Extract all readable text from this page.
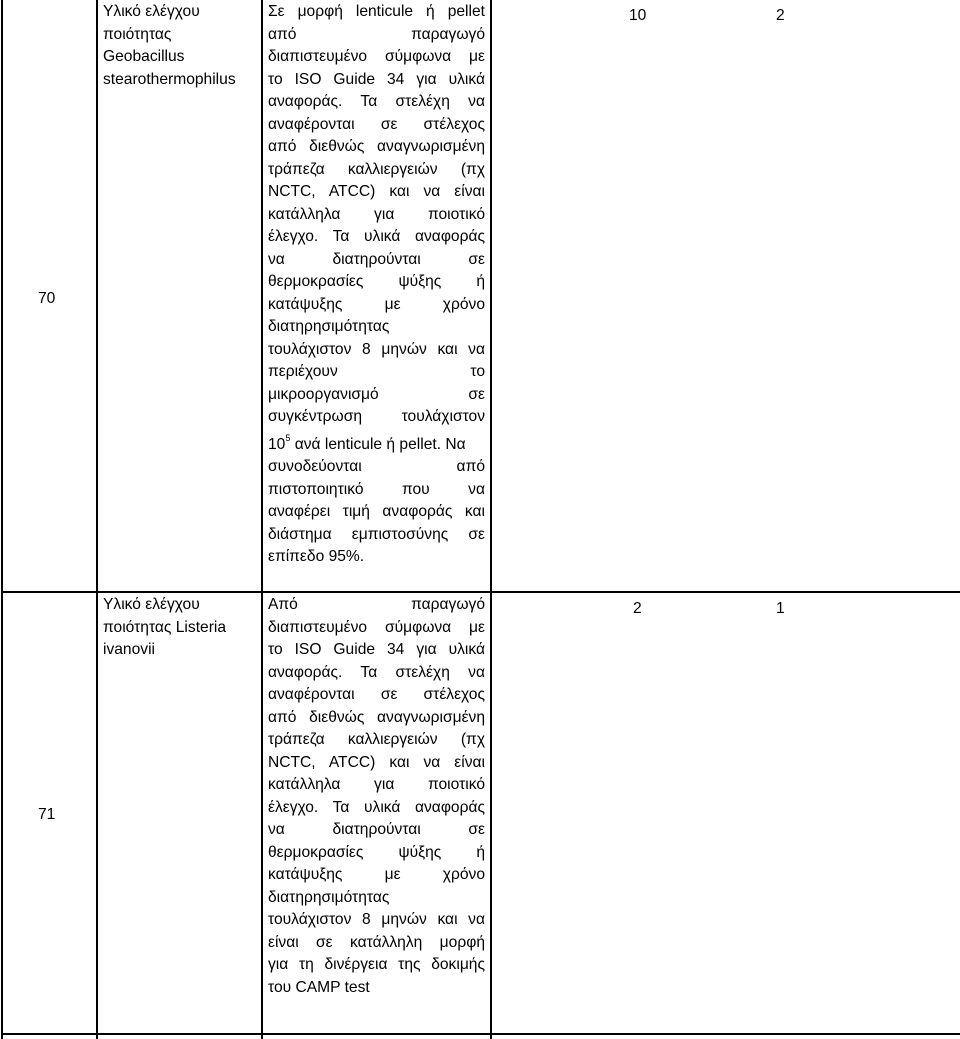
70
Υλικό ελέγχου
ποιότητας
Geobacillus
stearothermophilus
Σε μορφή lenticule ή pellet
από παραγωγό
διαπιστευμένο σύμφωνα με
το ISO Guide 34 για υλικά
αναφοράς. Τα στελέχη να
αναφέρονται σε στέλεχος
από διεθνώς αναγνωρισμένη
τράπεζα καλλιεργειών (πχ
NCTC, ATCC) και να είναι
κατάλληλα για ποιοτικό
έλεγχο. Τα υλικά αναφοράς
να διατηρούνται σε
θερμοκρασίες ψύξης ή
κατάψυξης με χρόνο
διατηρησιμότητας
τουλάχιστον 8 μηνών και να
περιέχουν το
μικροοργανισμό σε
συγκέντρωση τουλάχιστον
$10^5$ ανά lenticule ή pellet. Να
συνοδεύονται από
πιστοποιητικό που να
αναφέρει τιμή αναφοράς και
διάστημα εμπιστοσύνης σε
επίπεδο 95%.
10	2
71
Υλικό ελέγχου
ποιότητας Listeria
ivanovii
Από παραγωγό
διαπιστευμένο σύμφωνα με
το ISO Guide 34 για υλικά
αναφοράς. Τα στελέχη να
αναφέρονται σε στέλεχος
από διεθνώς αναγνωρισμένη
τράπεζα καλλιεργειών (πχ
NCTC, ATCC) και να είναι
κατάλληλα για ποιοτικό
έλεγχο. Τα υλικά αναφοράς
να διατηρούνται σε
θερμοκρασίες ψύξης ή
κατάψυξης με χρόνο
διατηρησιμότητας
τουλάχιστον 8 μηνών και να
είναι σε κατάλληλη μορφή
για τη δινέργεια της δοκιμής
του CAMP test
2	1
